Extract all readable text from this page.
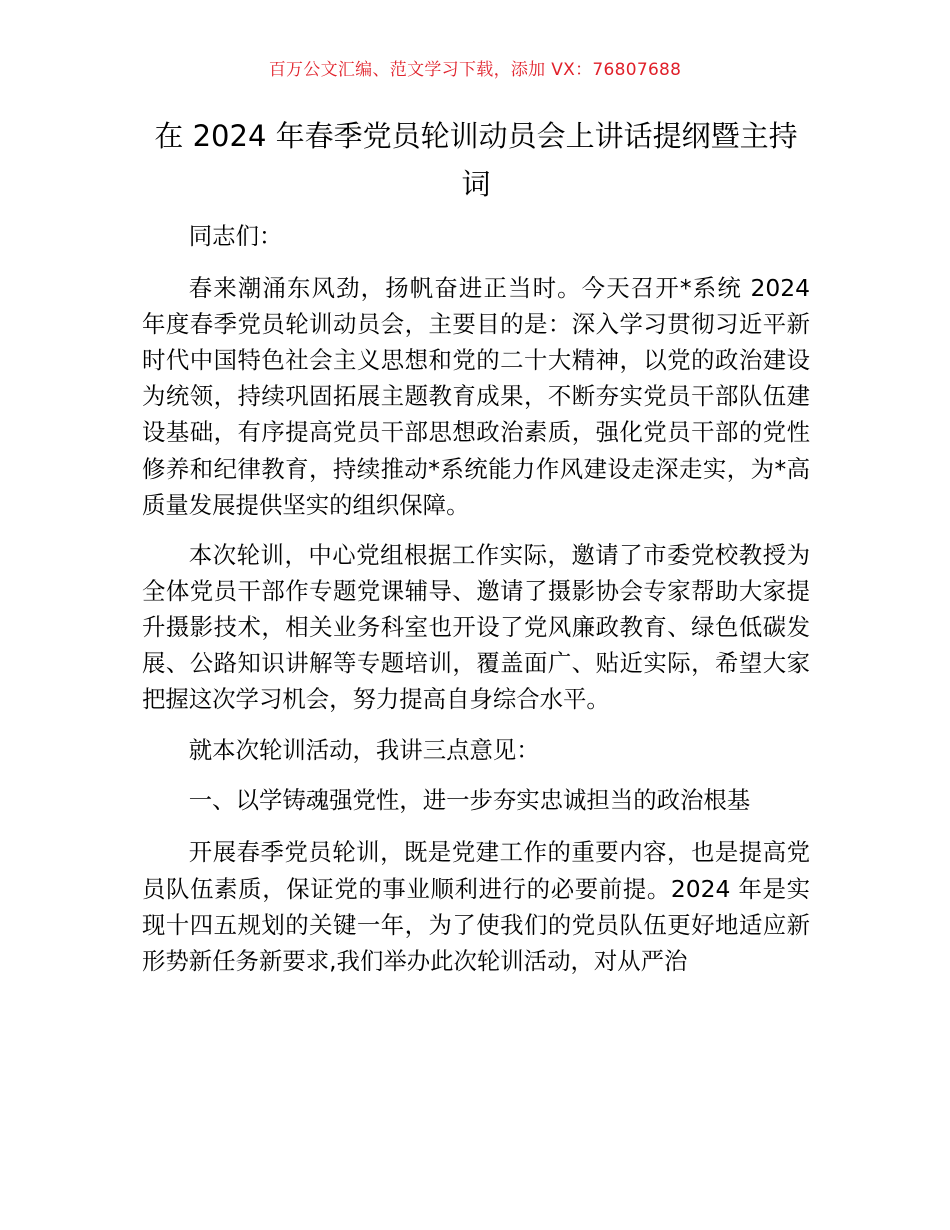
百万公文汇编、范文学习下载，添加 VX：76807688
在 2024 年春季党员轮训动员会上讲话提纲暨主持词

同志们：

春来潮涌东风劲，扬帆奋进正当时。今天召开*系统 2024 年度春季党员轮训动员会，主要目的是：深入学习贯彻习近平新时代中国特色社会主义思想和党的二十大精神，以党的政治建设为统领，持续巩固拓展主题教育成果，不断夯实党员干部队伍建设基础，有序提高党员干部思想政治素质，强化党员干部的党性修养和纪律教育，持续推动*系统能力作风建设走深走实，为*高质量发展提供坚实的组织保障。

本次轮训，中心党组根据工作实际，邀请了市委党校教授为全体党员干部作专题党课辅导、邀请了摄影协会专家帮助大家提升摄影技术，相关业务科室也开设了党风廉政教育、绿色低碳发展、公路知识讲解等专题培训，覆盖面广、贴近实际，希望大家把握这次学习机会，努力提高自身综合水平。

就本次轮训活动，我讲三点意见：

一、以学铸魂强党性，进一步夯实忠诚担当的政治根基

开展春季党员轮训，既是党建工作的重要内容，也是提高党员队伍素质，保证党的事业顺利进行的必要前提。2024 年是实现十四五规划的关键一年，为了使我们的党员队伍更好地适应新形势新任务新要求,我们举办此次轮训活动，对从严治
